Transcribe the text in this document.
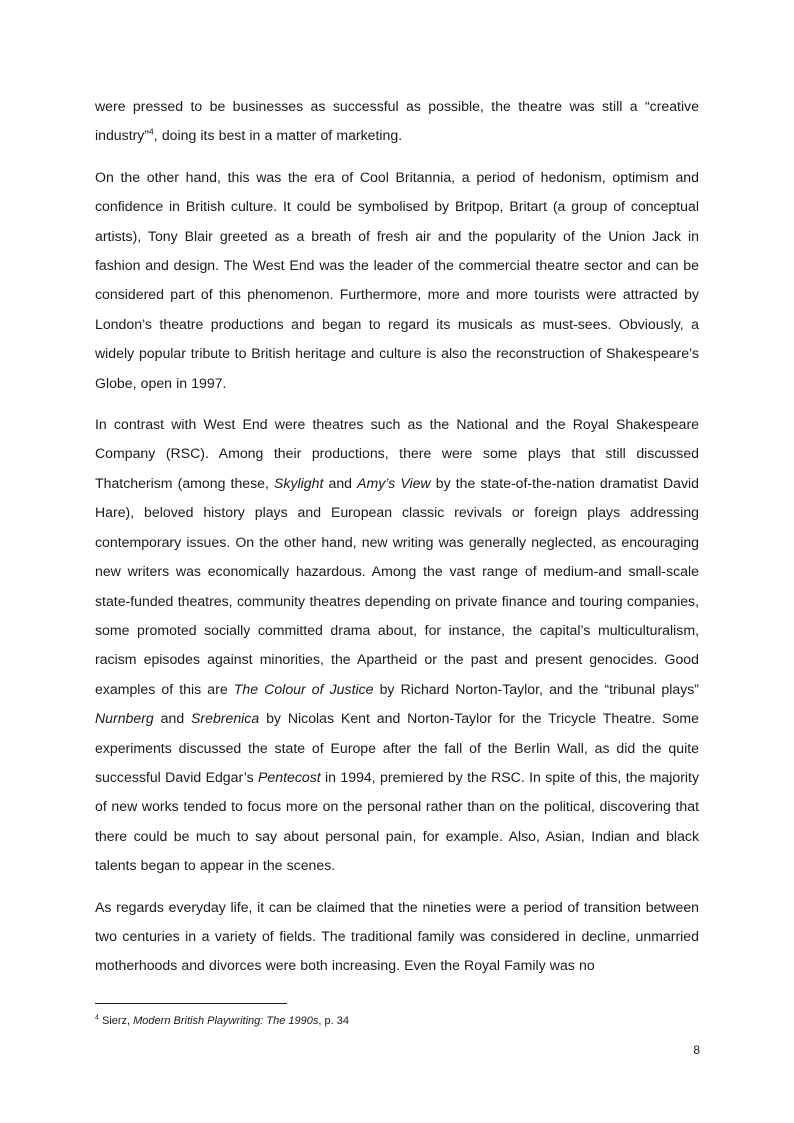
were pressed to be businesses as successful as possible, the theatre was still a “creative industry”$^4$, doing its best in a matter of marketing.

On the other hand, this was the era of Cool Britannia, a period of hedonism, optimism and confidence in British culture. It could be symbolised by Britpop, Britart (a group of conceptual artists), Tony Blair greeted as a breath of fresh air and the popularity of the Union Jack in fashion and design. The West End was the leader of the commercial theatre sector and can be considered part of this phenomenon. Furthermore, more and more tourists were attracted by London’s theatre productions and began to regard its musicals as must-sees. Obviously, a widely popular tribute to British heritage and culture is also the reconstruction of Shakespeare’s Globe, open in 1997.

In contrast with West End were theatres such as the National and the Royal Shakespeare Company (RSC). Among their productions, there were some plays that still discussed Thatcherism (among these, Skylight and Amy’s View by the state-of-the-nation dramatist David Hare), beloved history plays and European classic revivals or foreign plays addressing contemporary issues. On the other hand, new writing was generally neglected, as encouraging new writers was economically hazardous. Among the vast range of medium-and small-scale state-funded theatres, community theatres depending on private finance and touring companies, some promoted socially committed drama about, for instance, the capital’s multiculturalism, racism episodes against minorities, the Apartheid or the past and present genocides. Good examples of this are The Colour of Justice by Richard Norton-Taylor, and the “tribunal plays” Nurnberg and Srebrenica by Nicolas Kent and Norton-Taylor for the Tricycle Theatre. Some experiments discussed the state of Europe after the fall of the Berlin Wall, as did the quite successful David Edgar’s Pentecost in 1994, premiered by the RSC. In spite of this, the majority of new works tended to focus more on the personal rather than on the political, discovering that there could be much to say about personal pain, for example. Also, Asian, Indian and black talents began to appear in the scenes.

As regards everyday life, it can be claimed that the nineties were a period of transition between two centuries in a variety of fields. The traditional family was considered in decline, unmarried motherhoods and divorces were both increasing. Even the Royal Family was no

$^4$ Sierz, Modern British Playwriting: The 1990s, p. 34

8
